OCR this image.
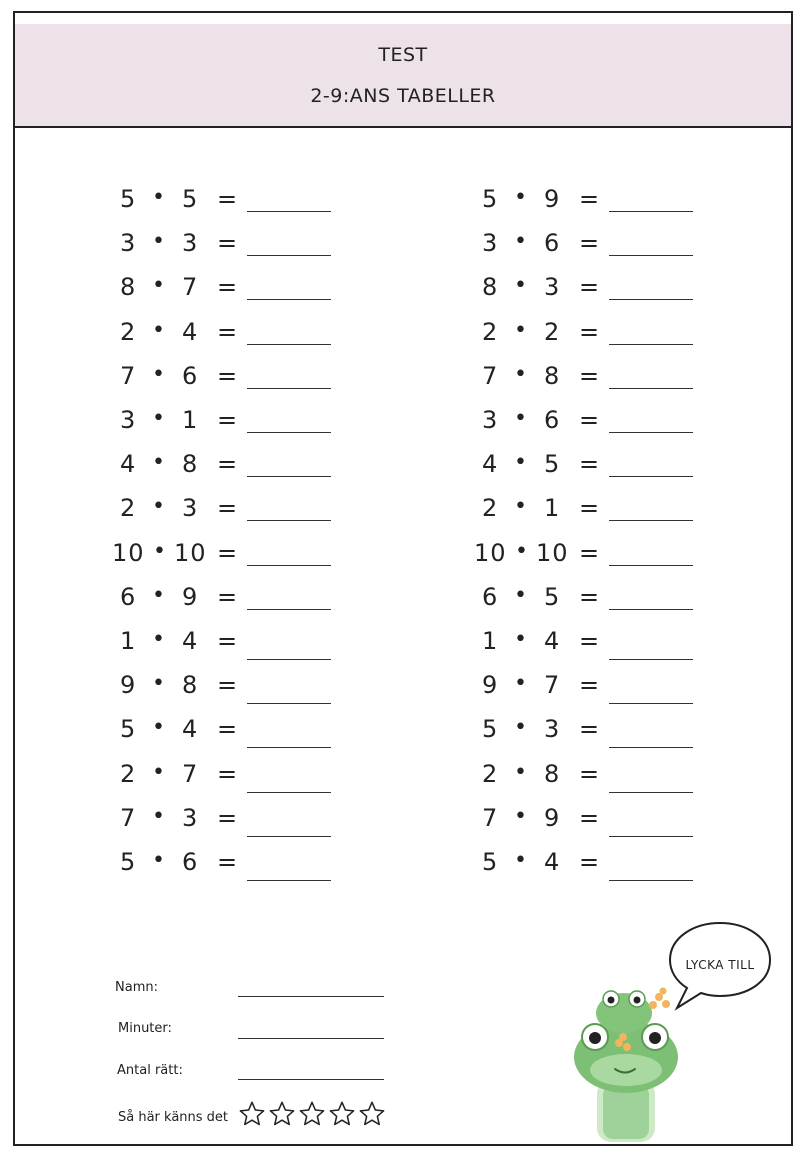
TEST
2-9:ANS TABELLER
5 • 5 =
3 • 3 =
8 • 7 =
2 • 4 =
7 • 6 =
3 • 1 =
4 • 8 =
2 • 3 =
10 • 10 =
6 • 9 =
1 • 4 =
9 • 8 =
5 • 4 =
2 • 7 =
7 • 3 =
5 • 6 =
5 • 9 =
3 • 6 =
8 • 3 =
2 • 2 =
7 • 8 =
3 • 6 =
4 • 5 =
2 • 1 =
10 • 10 =
6 • 5 =
1 • 4 =
9 • 7 =
5 • 3 =
2 • 8 =
7 • 9 =
5 • 4 =
Namn:
Minuter:
Antal rätt:
Så här känns det
LYCKA TILL
